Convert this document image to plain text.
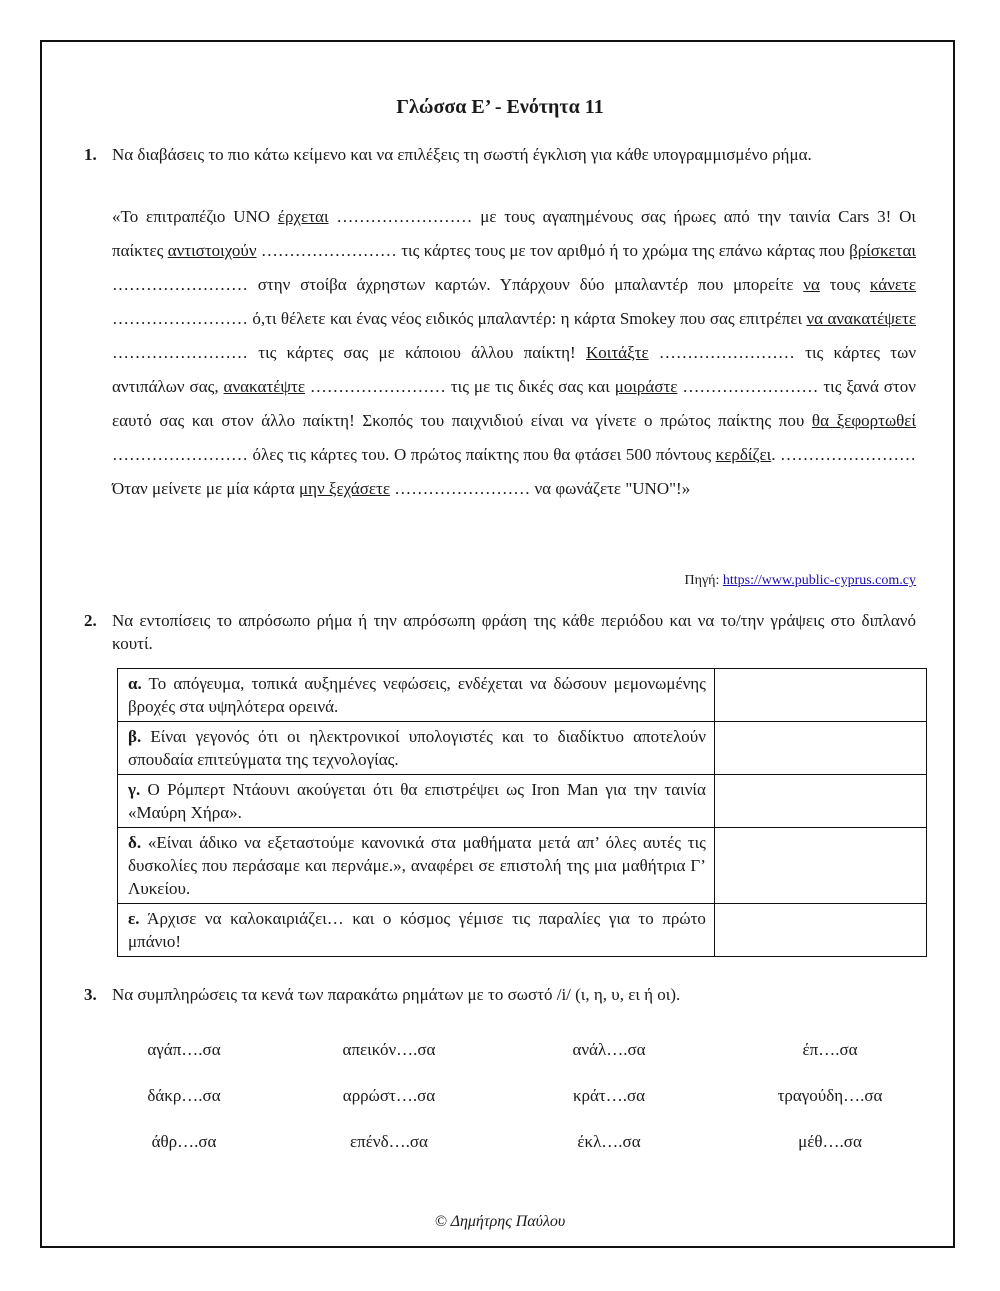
Γλώσσα Ε’ - Ενότητα 11
1. Να διαβάσεις το πιο κάτω κείμενο και να επιλέξεις τη σωστή έγκλιση για κάθε υπογραμμισμένο ρήμα.
«Το επιτραπέζιο UNO έρχεται …………………… με τους αγαπημένους σας ήρωες από την ταινία Cars 3! Οι παίκτες αντιστοιχούν …………………… τις κάρτες τους με τον αριθμό ή το χρώμα της επάνω κάρτας που βρίσκεται …………………… στην στοίβα άχρηστων καρτών. Υπάρχουν δύο μπαλαντέρ που μπορείτε να τους κάνετε …………………… ό,τι θέλετε και ένας νέος ειδικός μπαλαντέρ: η κάρτα Smokey που σας επιτρέπει να ανακατέψετε …………………… τις κάρτες σας με κάποιου άλλου παίκτη! Κοιτάξτε …………………… τις κάρτες των αντιπάλων σας, ανακατέψτε …………………… τις με τις δικές σας και μοιράστε …………………… τις ξανά στον εαυτό σας και στον άλλο παίκτη! Σκοπός του παιχνιδιού είναι να γίνετε ο πρώτος παίκτης που θα ξεφορτωθεί …………………… όλες τις κάρτες του. Ο πρώτος παίκτης που θα φτάσει 500 πόντους κερδίζει. …………………… Όταν μείνετε με μία κάρτα μην ξεχάσετε …………………… να φωνάζετε "UNO"!»
Πηγή: https://www.public-cyprus.com.cy
2. Να εντοπίσεις το απρόσωπο ρήμα ή την απρόσωπη φράση της κάθε περιόδου και να το/την γράψεις στο διπλανό κουτί.
α. Το απόγευμα, τοπικά αυξημένες νεφώσεις, ενδέχεται να δώσουν μεμονωμένης βροχές στα υψηλότερα ορεινά.	
β. Είναι γεγονός ότι οι ηλεκτρονικοί υπολογιστές και το διαδίκτυο αποτελούν σπουδαία επιτεύγματα της τεχνολογίας.	
γ. Ο Ρόμπερτ Ντάουνι ακούγεται ότι θα επιστρέψει ως Iron Man για την ταινία «Μαύρη Χήρα».	
δ. «Είναι άδικο να εξεταστούμε κανονικά στα μαθήματα μετά απ’ όλες αυτές τις δυσκολίες που περάσαμε και περνάμε.», αναφέρει σε επιστολή της μια μαθήτρια Γ’ Λυκείου.	
ε. Άρχισε να καλοκαιριάζει… και ο κόσμος γέμισε τις παραλίες για το πρώτο μπάνιο!	
3. Να συμπληρώσεις τα κενά των παρακάτω ρημάτων με το σωστό /i/ (ι, η, υ, ει ή οι).
αγάπ….σα	απεικόν….σα	ανάλ….σα	έπ….σα
δάκρ….σα	αρρώστ….σα	κράτ….σα	τραγούδη….σα
άθρ….σα	επένδ….σα	έκλ….σα	μέθ….σα
© Δημήτρης Παύλου
